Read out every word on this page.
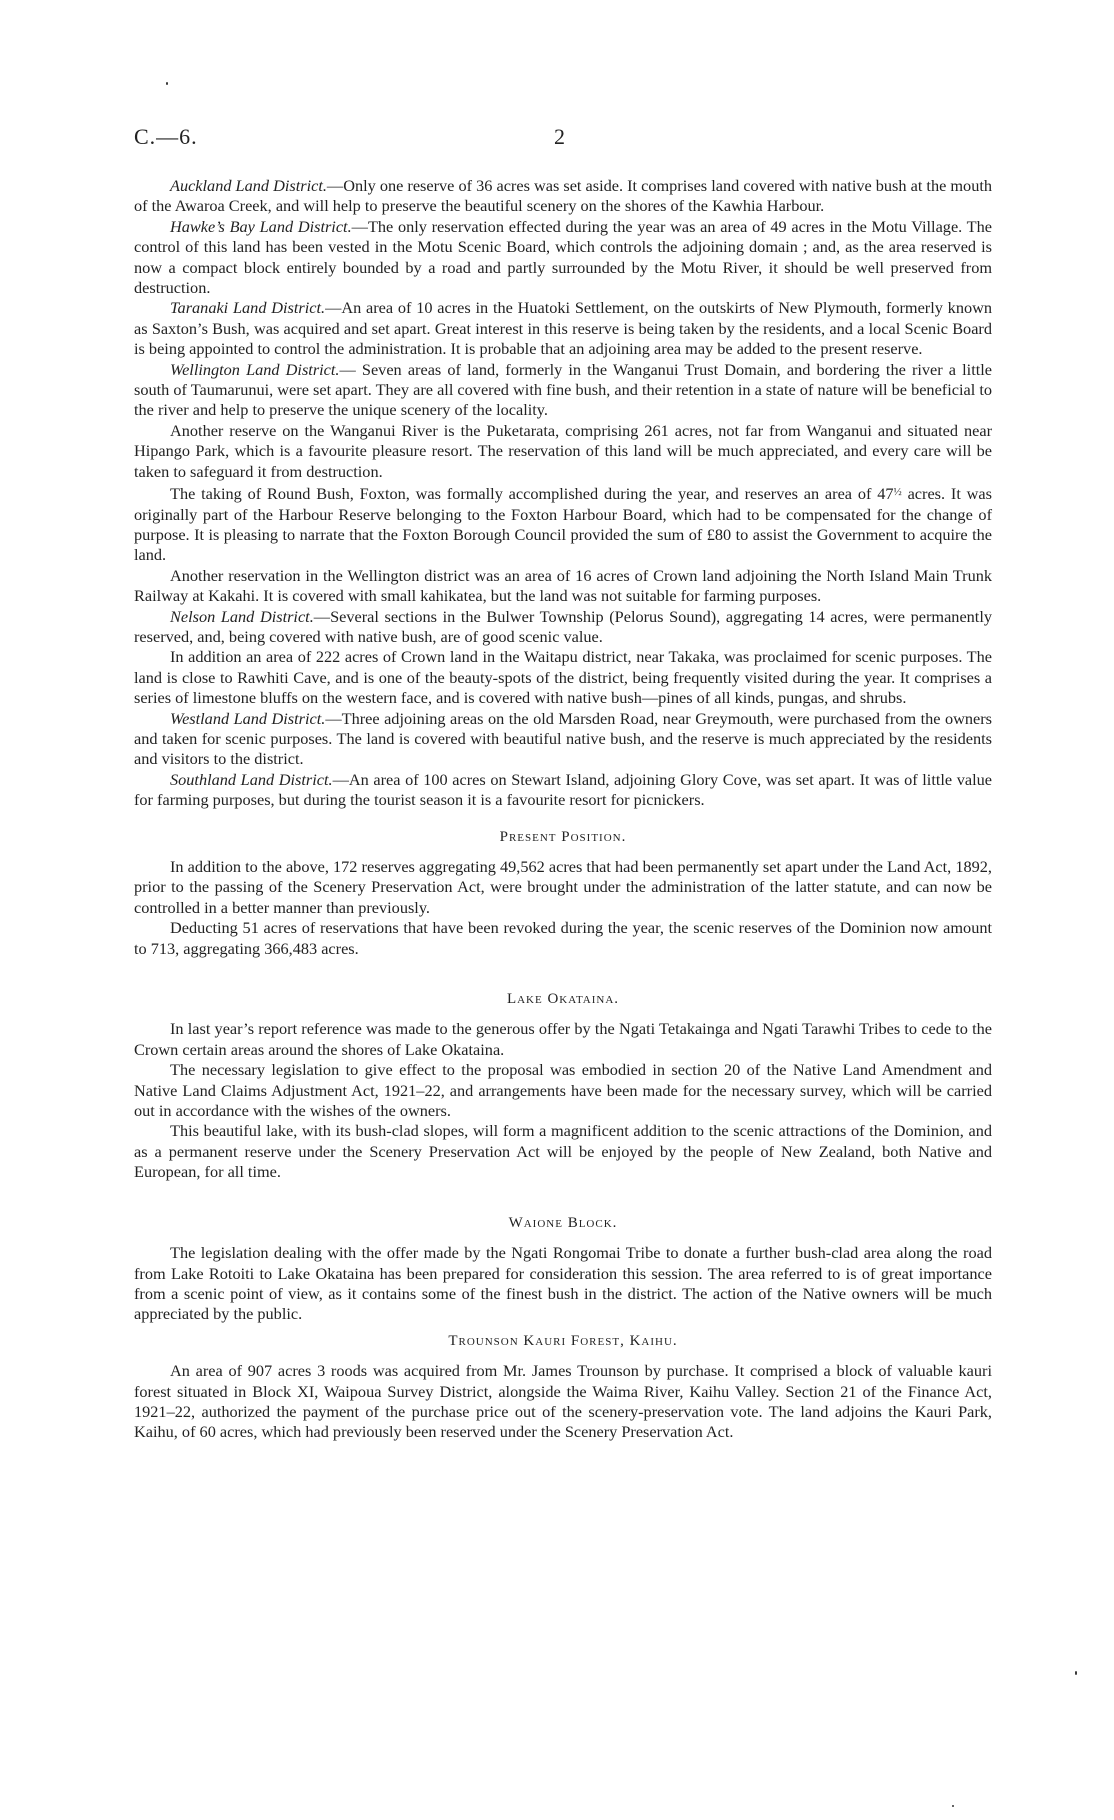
C.—6.	2

Auckland Land District.—Only one reserve of 36 acres was set aside. It comprises land covered with native bush at the mouth of the Awaroa Creek, and will help to preserve the beautiful scenery on the shores of the Kawhia Harbour.

Hawke’s Bay Land District.—The only reservation effected during the year was an area of 49 acres in the Motu Village. The control of this land has been vested in the Motu Scenic Board, which controls the adjoining domain ; and, as the area reserved is now a compact block entirely bounded by a road and partly surrounded by the Motu River, it should be well preserved from destruction.

Taranaki Land District.—An area of 10 acres in the Huatoki Settlement, on the outskirts of New Plymouth, formerly known as Saxton’s Bush, was acquired and set apart. Great interest in this reserve is being taken by the residents, and a local Scenic Board is being appointed to control the administration. It is probable that an adjoining area may be added to the present reserve.

Wellington Land District.— Seven areas of land, formerly in the Wanganui Trust Domain, and bordering the river a little south of Taumarunui, were set apart. They are all covered with fine bush, and their retention in a state of nature will be beneficial to the river and help to preserve the unique scenery of the locality.

Another reserve on the Wanganui River is the Puketarata, comprising 261 acres, not far from Wanganui and situated near Hipango Park, which is a favourite pleasure resort. The reservation of this land will be much appreciated, and every care will be taken to safeguard it from destruction.

The taking of Round Bush, Foxton, was formally accomplished during the year, and reserves an area of $47^{\frac{1}{2}}$ acres. It was originally part of the Harbour Reserve belonging to the Foxton Harbour Board, which had to be compensated for the change of purpose. It is pleasing to narrate that the Foxton Borough Council provided the sum of £80 to assist the Government to acquire the land.

Another reservation in the Wellington district was an area of 16 acres of Crown land adjoining the North Island Main Trunk Railway at Kakahi. It is covered with small kahikatea, but the land was not suitable for farming purposes.

Nelson Land District.—Several sections in the Bulwer Township (Pelorus Sound), aggregating 14 acres, were permanently reserved, and, being covered with native bush, are of good scenic value.

In addition an area of 222 acres of Crown land in the Waitapu district, near Takaka, was proclaimed for scenic purposes. The land is close to Rawhiti Cave, and is one of the beauty-spots of the district, being frequently visited during the year. It comprises a series of limestone bluffs on the western face, and is covered with native bush—pines of all kinds, pungas, and shrubs.

Westland Land District.—Three adjoining areas on the old Marsden Road, near Greymouth, were purchased from the owners and taken for scenic purposes. The land is covered with beautiful native bush, and the reserve is much appreciated by the residents and visitors to the district.

Southland Land District.—An area of 100 acres on Stewart Island, adjoining Glory Cove, was set apart. It was of little value for farming purposes, but during the tourist season it is a favourite resort for picnickers.

Present Position.

In addition to the above, 172 reserves aggregating 49,562 acres that had been permanently set apart under the Land Act, 1892, prior to the passing of the Scenery Preservation Act, were brought under the administration of the latter statute, and can now be controlled in a better manner than previously.

Deducting 51 acres of reservations that have been revoked during the year, the scenic reserves of the Dominion now amount to 713, aggregating 366,483 acres.

Lake Okataina.

In last year’s report reference was made to the generous offer by the Ngati Tetakainga and Ngati Tarawhi Tribes to cede to the Crown certain areas around the shores of Lake Okataina.

The necessary legislation to give effect to the proposal was embodied in section 20 of the Native Land Amendment and Native Land Claims Adjustment Act, 1921–22, and arrangements have been made for the necessary survey, which will be carried out in accordance with the wishes of the owners.

This beautiful lake, with its bush-clad slopes, will form a magnificent addition to the scenic attractions of the Dominion, and as a permanent reserve under the Scenery Preservation Act will be enjoyed by the people of New Zealand, both Native and European, for all time.

Waione Block.

The legislation dealing with the offer made by the Ngati Rongomai Tribe to donate a further bush-clad area along the road from Lake Rotoiti to Lake Okataina has been prepared for consideration this session. The area referred to is of great importance from a scenic point of view, as it contains some of the finest bush in the district. The action of the Native owners will be much appreciated by the public.

Trounson Kauri Forest, Kaihu.

An area of 907 acres 3 roods was acquired from Mr. James Trounson by purchase. It comprised a block of valuable kauri forest situated in Block XI, Waipoua Survey District, alongside the Waima River, Kaihu Valley. Section 21 of the Finance Act, 1921–22, authorized the payment of the purchase price out of the scenery-preservation vote. The land adjoins the Kauri Park, Kaihu, of 60 acres, which had previously been reserved under the Scenery Preservation Act.
